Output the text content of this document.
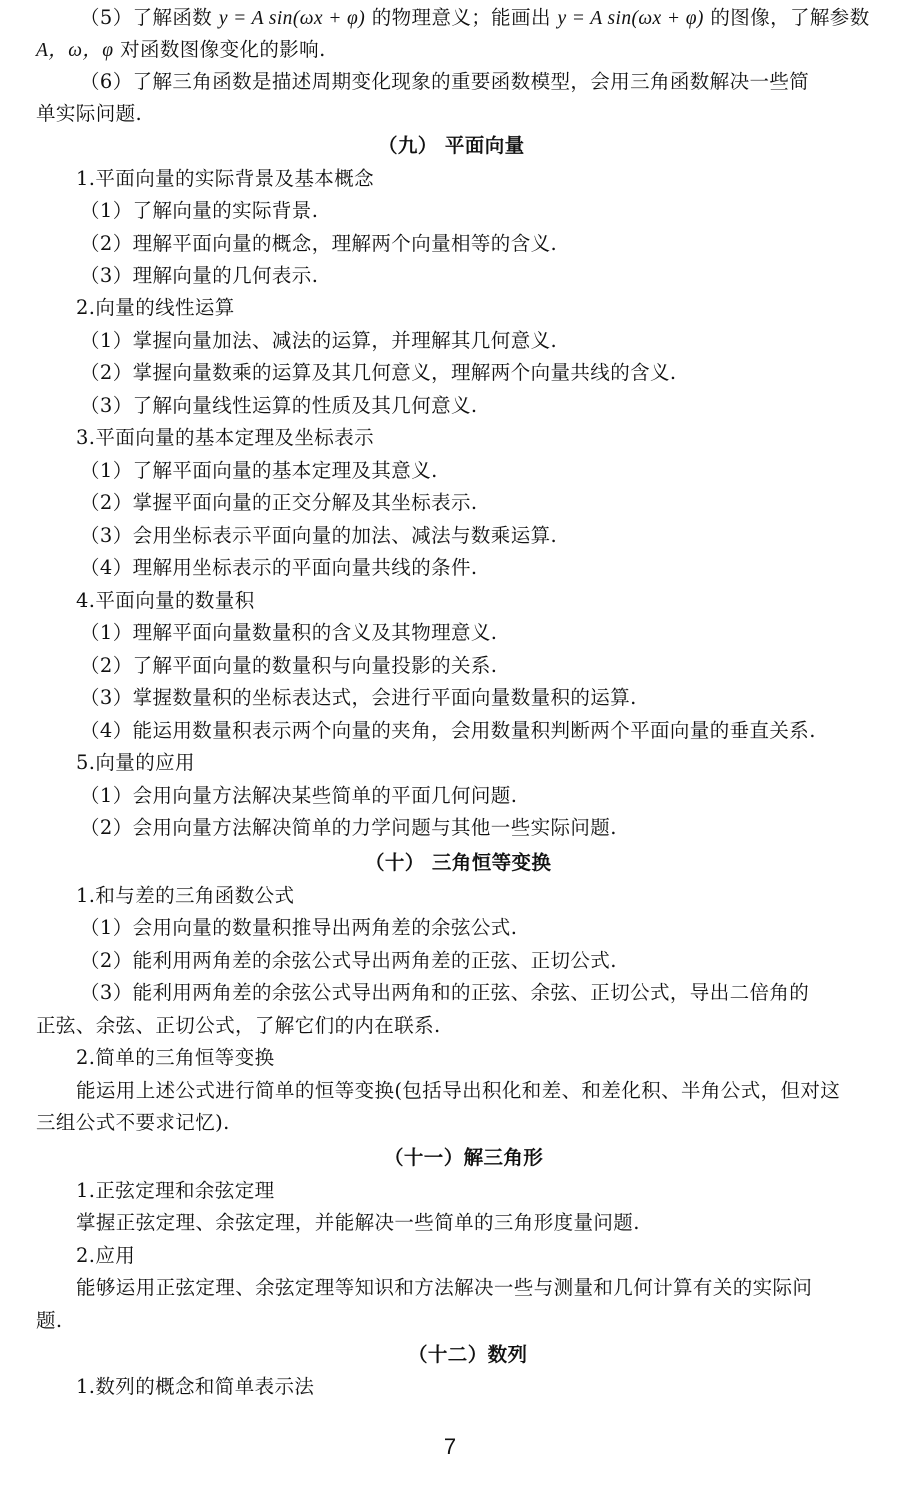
（5）了解函数 y = A sin(ωx + φ) 的物理意义；能画出 y = A sin(ωx + φ) 的图像，了解参数
A，ω，φ 对函数图像变化的影响.
（6）了解三角函数是描述周期变化现象的重要函数模型，会用三角函数解决一些简
单实际问题.
（九） 平面向量
1.平面向量的实际背景及基本概念
（1）了解向量的实际背景.
（2）理解平面向量的概念，理解两个向量相等的含义.
（3）理解向量的几何表示.
2.向量的线性运算
（1）掌握向量加法、减法的运算，并理解其几何意义.
（2）掌握向量数乘的运算及其几何意义，理解两个向量共线的含义.
（3）了解向量线性运算的性质及其几何意义.
3.平面向量的基本定理及坐标表示
（1）了解平面向量的基本定理及其意义.
（2）掌握平面向量的正交分解及其坐标表示.
（3）会用坐标表示平面向量的加法、减法与数乘运算.
（4）理解用坐标表示的平面向量共线的条件.
4.平面向量的数量积
（1）理解平面向量数量积的含义及其物理意义.
（2）了解平面向量的数量积与向量投影的关系.
（3）掌握数量积的坐标表达式，会进行平面向量数量积的运算.
（4）能运用数量积表示两个向量的夹角，会用数量积判断两个平面向量的垂直关系.
5.向量的应用
（1）会用向量方法解决某些简单的平面几何问题.
（2）会用向量方法解决简单的力学问题与其他一些实际问题.
（十） 三角恒等变换
1.和与差的三角函数公式
（1）会用向量的数量积推导出两角差的余弦公式.
（2）能利用两角差的余弦公式导出两角差的正弦、正切公式.
（3）能利用两角差的余弦公式导出两角和的正弦、余弦、正切公式，导出二倍角的
正弦、余弦、正切公式，了解它们的内在联系.
2.简单的三角恒等变换
能运用上述公式进行简单的恒等变换(包括导出积化和差、和差化积、半角公式，但对这
三组公式不要求记忆).
（十一）解三角形
1.正弦定理和余弦定理
掌握正弦定理、余弦定理，并能解决一些简单的三角形度量问题.
2.应用
能够运用正弦定理、余弦定理等知识和方法解决一些与测量和几何计算有关的实际问
题.
（十二）数列
1.数列的概念和简单表示法
7
